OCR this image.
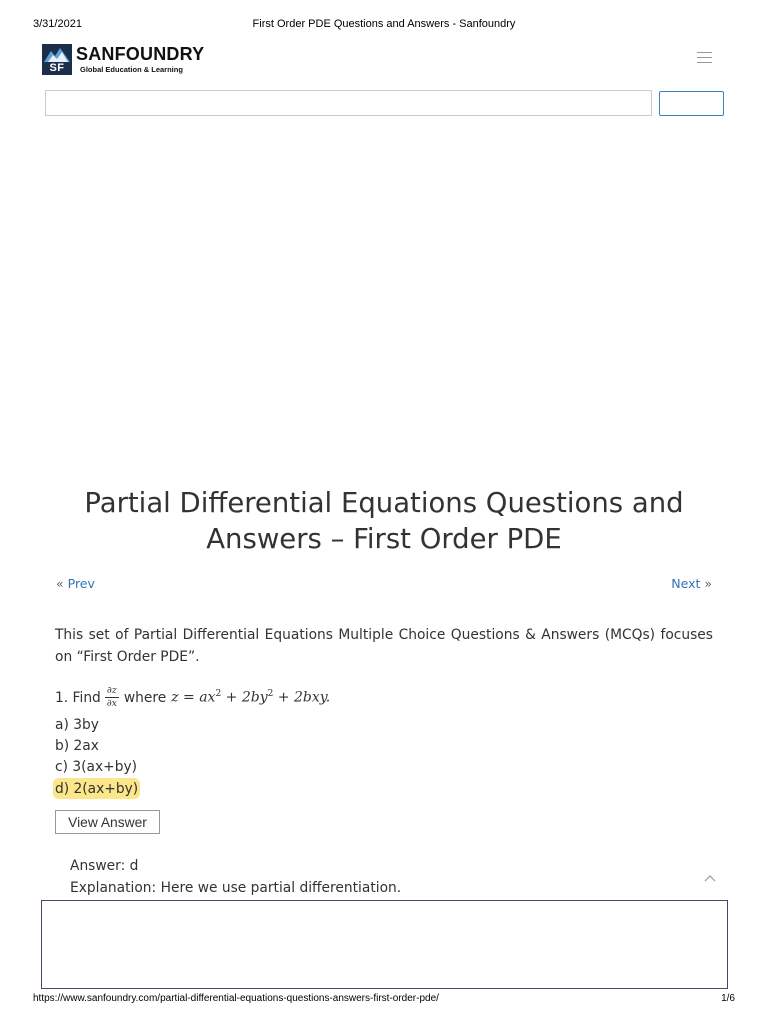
3/31/2021	First Order PDE Questions and Answers - Sanfoundry
SF
SANFOUNDRY
Global Education & Learning
Partial Differential Equations Questions and Answers – First Order PDE
« Prev	Next »

This set of Partial Differential Equations Multiple Choice Questions & Answers (MCQs) focuses on “First Order PDE”.

1. Find $\frac{\partial z}{\partial x}$ where $z = ax^2 + 2by^2 + 2bxy$.
a) 3by
b) 2ax
c) 3(ax+by)
d) 2(ax+by)
View Answer
Answer: d
Explanation: Here we use partial differentiation.
https://www.sanfoundry.com/partial-differential-equations-questions-answers-first-order-pde/	1/6
